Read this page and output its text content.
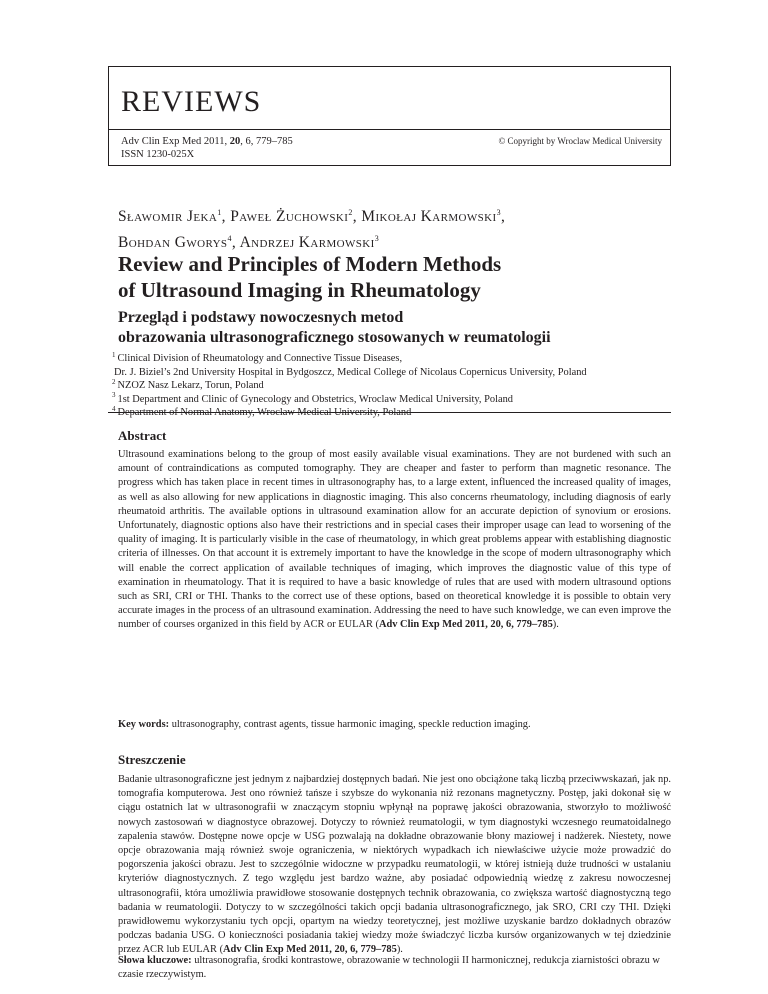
REVIEWS
Adv Clin Exp Med 2011, 20, 6, 779–785
ISSN 1230-025X
© Copyright by Wroclaw Medical University
Sławomir Jeka$^1$, Paweł Żuchowski$^2$, Mikołaj Karmowski$^3$,
Bohdan Gworys$^4$, Andrzej Karmowski$^3$
Review and Principles of Modern Methods
of Ultrasound Imaging in Rheumatology
Przegląd i podstawy nowoczesnych metod
obrazowania ultrasonograficznego stosowanych w reumatologii
$^1$ Clinical Division of Rheumatology and Connective Tissue Diseases,
Dr. J. Biziel’s 2nd University Hospital in Bydgoszcz, Medical College of Nicolaus Copernicus University, Poland
$^2$ NZOZ Nasz Lekarz, Torun, Poland
$^3$ 1st Department and Clinic of Gynecology and Obstetrics, Wroclaw Medical University, Poland
$^4$ Department of Normal Anatomy, Wroclaw Medical University, Poland
Abstract

Ultrasound examinations belong to the group of most easily available visual examinations. They are not burdened with such an amount of contraindications as computed tomography. They are cheaper and faster to perform than magnetic resonance. The progress which has taken place in recent times in ultrasonography has, to a large extent, influenced the increased quality of images, as well as also allowing for new applications in diagnostic imaging. This also concerns rheumatology, including diagnosis of early rheumatoid arthritis. The available options in ultrasound examination allow for an accurate depiction of synovium or erosions. Unfortunately, diagnostic options also have their restrictions and in special cases their improper usage can lead to worsening of the quality of imaging. It is particularly visible in the case of rheumatology, in which great problems appear with establishing diagnostic criteria of illnesses. On that account it is extremely important to have the knowledge in the scope of modern ultrasonography which will enable the correct application of available techniques of imaging, which improves the diagnostic value of this type of examination in rheumatology. That it is required to have a basic knowledge of rules that are used with modern ultrasound options such as SRI, CRI or THI. Thanks to the correct use of these options, based on theoretical knowledge it is possible to obtain very accurate images in the process of an ultrasound examination. Addressing the need to have such knowledge, we can even improve the number of courses organized in this field by ACR or EULAR (Adv Clin Exp Med 2011, 20, 6, 779–785).

Key words: ultrasonography, contrast agents, tissue harmonic imaging, speckle reduction imaging.

Streszczenie

Badanie ultrasonograficzne jest jednym z najbardziej dostępnych badań. Nie jest ono obciążone taką liczbą przeciwwskazań, jak np. tomografia komputerowa. Jest ono również tańsze i szybsze do wykonania niż rezonans magnetyczny. Postęp, jaki dokonał się w ciągu ostatnich lat w ultrasonografii w znaczącym stopniu wpłynął na poprawę jakości obrazowania, stworzyło to możliwość nowych zastosowań w diagnostyce obrazowej. Dotyczy to również reumatologii, w tym diagnostyki wczesnego reumatoidalnego zapalenia stawów. Dostępne nowe opcje w USG pozwalają na dokładne obrazowanie błony maziowej i nadżerek. Niestety, nowe opcje obrazowania mają również swoje ograniczenia, w niektórych wypadkach ich niewłaściwe użycie może prowadzić do pogorszenia jakości obrazu. Jest to szczególnie widoczne w przypadku reumatologii, w której istnieją duże trudności w ustalaniu kryteriów diagnostycznych. Z tego względu jest bardzo ważne, aby posiadać odpowiednią wiedzę z zakresu nowoczesnej ultrasonografii, która umożliwia prawidłowe stosowanie dostępnych technik obrazowania, co zwiększa wartość diagnostyczną tego badania w reumatologii. Dotyczy to w szczególności takich opcji badania ultrasonograficznego, jak SRO, CRI czy THI. Dzięki prawidłowemu wykorzystaniu tych opcji, opartym na wiedzy teoretycznej, jest możliwe uzyskanie bardzo dokładnych obrazów podczas badania USG. O konieczności posiadania takiej wiedzy może świadczyć liczba kursów organizowanych w tej dziedzinie przez ACR lub EULAR (Adv Clin Exp Med 2011, 20, 6, 779–785).

Słowa kluczowe: ultrasonografia, środki kontrastowe, obrazowanie w technologii II harmonicznej, redukcja ziarnistości obrazu w czasie rzeczywistym.
